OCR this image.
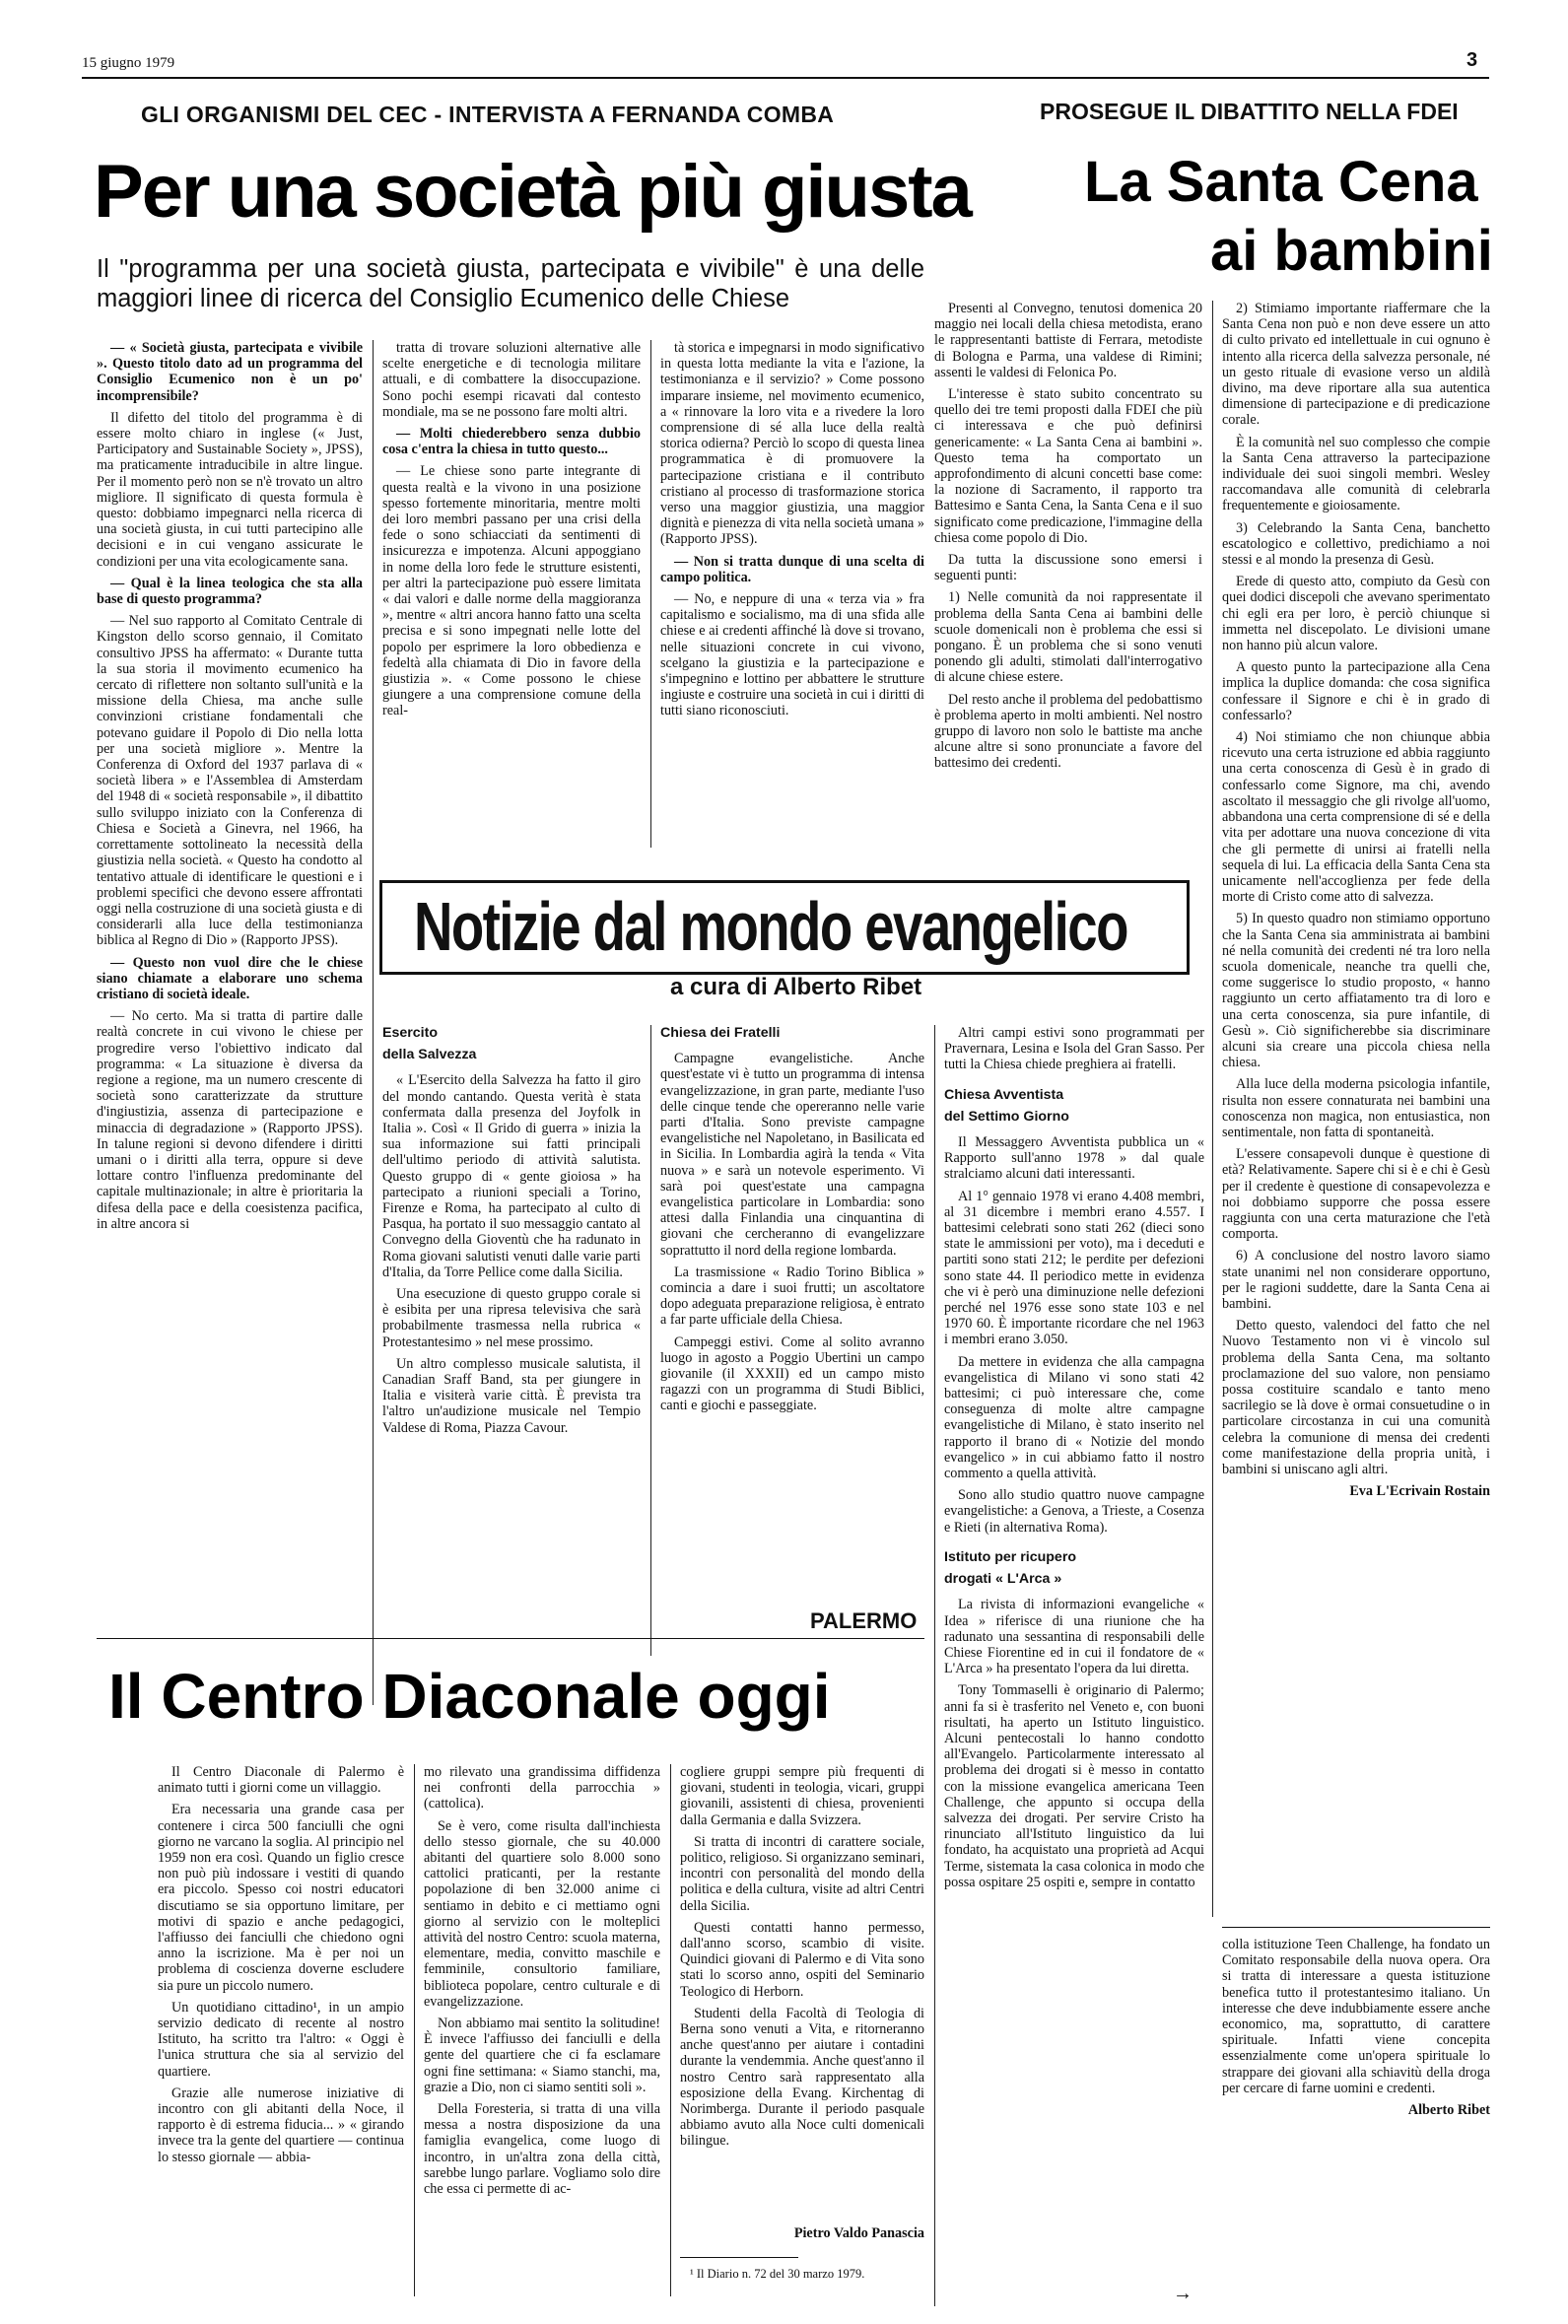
15 giugno 1979	3
GLI ORGANISMI DEL CEC - INTERVISTA A FERNANDA COMBA
Per una società più giusta
Il "programma per una società giusta, partecipata e vivibile" è una delle maggiori linee di ricerca del Consiglio Ecumenico delle Chiese
PROSEGUE IL DIBATTITO NELLA FDEI
La Santa Cena
ai bambini

— « Società giusta, partecipata e vivibile ». Questo titolo dato ad un programma del Consiglio Ecumenico non è un po' incomprensibile?

Il difetto del titolo del programma è di essere molto chiaro in inglese (« Just, Participatory and Sustainable Society », JPSS), ma praticamente intraducibile in altre lingue. Per il momento però non se n'è trovato un altro migliore. Il significato di questa formula è questo: dobbiamo impegnarci nella ricerca di una società giusta, in cui tutti partecipino alle decisioni e in cui vengano assicurate le condizioni per una vita ecologicamente sana.

— Qual è la linea teologica che sta alla base di questo programma?

— Nel suo rapporto al Comitato Centrale di Kingston dello scorso gennaio, il Comitato consultivo JPSS ha affermato: « Durante tutta la sua storia il movimento ecumenico ha cercato di riflettere non soltanto sull'unità e la missione della Chiesa, ma anche sulle convinzioni cristiane fondamentali che potevano guidare il Popolo di Dio nella lotta per una società migliore ». Mentre la Conferenza di Oxford del 1937 parlava di « società libera » e l'Assemblea di Amsterdam del 1948 di « società responsabile », il dibattito sullo sviluppo iniziato con la Conferenza di Chiesa e Società a Ginevra, nel 1966, ha correttamente sottolineato la necessità della giustizia nella società. « Questo ha condotto al tentativo attuale di identificare le questioni e i problemi specifici che devono essere affrontati oggi nella costruzione di una società giusta e di considerarli alla luce della testimonianza biblica al Regno di Dio » (Rapporto JPSS).

— Questo non vuol dire che le chiese siano chiamate a elaborare uno schema cristiano di società ideale.

— No certo. Ma si tratta di partire dalle realtà concrete in cui vivono le chiese per progredire verso l'obiettivo indicato dal programma: « La situazione è diversa da regione a regione, ma un numero crescente di società sono caratterizzate da strutture d'ingiustizia, assenza di partecipazione e minaccia di degradazione » (Rapporto JPSS). In talune regioni si devono difendere i diritti umani o i diritti alla terra, oppure si deve lottare contro l'influenza predominante del capitale multinazionale; in altre è prioritaria la difesa della pace e della coesistenza pacifica, in altre ancora si

tratta di trovare soluzioni alternative alle scelte energetiche e di tecnologia militare attuali, e di combattere la disoccupazione. Sono pochi esempi ricavati dal contesto mondiale, ma se ne possono fare molti altri.

— Molti chiederebbero senza dubbio cosa c'entra la chiesa in tutto questo...

— Le chiese sono parte integrante di questa realtà e la vivono in una posizione spesso fortemente minoritaria, mentre molti dei loro membri passano per una crisi della fede o sono schiacciati da sentimenti di insicurezza e impotenza. Alcuni appoggiano in nome della loro fede le strutture esistenti, per altri la partecipazione può essere limitata « dai valori e dalle norme della maggioranza », mentre « altri ancora hanno fatto una scelta precisa e si sono impegnati nelle lotte del popolo per esprimere la loro obbedienza e fedeltà alla chiamata di Dio in favore della giustizia ». « Come possono le chiese giungere a una comprensione comune della real-

tà storica e impegnarsi in modo significativo in questa lotta mediante la vita e l'azione, la testimonianza e il servizio? » Come possono imparare insieme, nel movimento ecumenico, a « rinnovare la loro vita e a rivedere la loro comprensione di sé alla luce della realtà storica odierna? Perciò lo scopo di questa linea programmatica è di promuovere la partecipazione cristiana e il contributo cristiano al processo di trasformazione storica verso una maggior giustizia, una maggior dignità e pienezza di vita nella società umana » (Rapporto JPSS).

— Non si tratta dunque di una scelta di campo politica.

— No, e neppure di una « terza via » fra capitalismo e socialismo, ma di una sfida alle chiese e ai credenti affinché là dove si trovano, nelle situazioni concrete in cui vivono, scelgano la giustizia e la partecipazione e s'impegnino e lottino per abbattere le strutture ingiuste e costruire una società in cui i diritti di tutti siano riconosciuti.

Presenti al Convegno, tenutosi domenica 20 maggio nei locali della chiesa metodista, erano le rappresentanti battiste di Ferrara, metodiste di Bologna e Parma, una valdese di Rimini; assenti le valdesi di Felonica Po.

L'interesse è stato subito concentrato su quello dei tre temi proposti dalla FDEI che più ci interessava e che può definirsi genericamente: « La Santa Cena ai bambini ». Questo tema ha comportato un approfondimento di alcuni concetti base come: la nozione di Sacramento, il rapporto tra Battesimo e Santa Cena, la Santa Cena e il suo significato come predicazione, l'immagine della chiesa come popolo di Dio.

Da tutta la discussione sono emersi i seguenti punti:

1) Nelle comunità da noi rappresentate il problema della Santa Cena ai bambini delle scuole domenicali non è problema che essi si pongano. È un problema che si sono venuti ponendo gli adulti, stimolati dall'interrogativo di alcune chiese estere.

Del resto anche il problema del pedobattismo è problema aperto in molti ambienti. Nel nostro gruppo di lavoro non solo le battiste ma anche alcune altre si sono pronunciate a favore del battesimo dei credenti.

2) Stimiamo importante riaffermare che la Santa Cena non può e non deve essere un atto di culto privato ed intellettuale in cui ognuno è intento alla ricerca della salvezza personale, né un gesto rituale di evasione verso un aldilà divino, ma deve riportare alla sua autentica dimensione di partecipazione e di predicazione corale.

È la comunità nel suo complesso che compie la Santa Cena attraverso la partecipazione individuale dei suoi singoli membri. Wesley raccomandava alle comunità di celebrarla frequentemente e gioiosamente.

3) Celebrando la Santa Cena, banchetto escatologico e collettivo, predichiamo a noi stessi e al mondo la presenza di Gesù.

Erede di questo atto, compiuto da Gesù con quei dodici discepoli che avevano sperimentato chi egli era per loro, è perciò chiunque si immetta nel discepolato. Le divisioni umane non hanno più alcun valore.

A questo punto la partecipazione alla Cena implica la duplice domanda: che cosa significa confessare il Signore e chi è in grado di confessarlo?

4) Noi stimiamo che non chiunque abbia ricevuto una certa istruzione ed abbia raggiunto una certa conoscenza di Gesù è in grado di confessarlo come Signore, ma chi, avendo ascoltato il messaggio che gli rivolge all'uomo, abbandona una certa comprensione di sé e della vita per adottare una nuova concezione di vita che gli permette di unirsi ai fratelli nella sequela di lui. La efficacia della Santa Cena sta unicamente nell'accoglienza per fede della morte di Cristo come atto di salvezza.

5) In questo quadro non stimiamo opportuno che la Santa Cena sia amministrata ai bambini né nella comunità dei credenti né tra loro nella scuola domenicale, neanche tra quelli che, come suggerisce lo studio proposto, « hanno raggiunto un certo affiatamento tra di loro e una certa conoscenza, sia pure infantile, di Gesù ». Ciò significherebbe sia discriminare alcuni sia creare una piccola chiesa nella chiesa.

Alla luce della moderna psicologia infantile, risulta non essere connaturata nei bambini una conoscenza non magica, non entusiastica, non sentimentale, non fatta di spontaneità.

L'essere consapevoli dunque è questione di età? Relativamente. Sapere chi si è e chi è Gesù per il credente è questione di consapevolezza e noi dobbiamo supporre che possa essere raggiunta con una certa maturazione che l'età comporta.

6) A conclusione del nostro lavoro siamo state unanimi nel non considerare opportuno, per le ragioni suddette, dare la Santa Cena ai bambini.

Detto questo, valendoci del fatto che nel Nuovo Testamento non vi è vincolo sul problema della Santa Cena, ma soltanto proclamazione del suo valore, non pensiamo possa costituire scandalo e tanto meno sacrilegio se là dove è ormai consuetudine o in particolare circostanza in cui una comunità celebra la comunione di mensa dei credenti come manifestazione della propria unità, i bambini si uniscano agli altri.

Eva L'Ecrivain Rostain

Notizie dal mondo evangelico
a cura di Alberto Ribet

Esercito

della Salvezza

« L'Esercito della Salvezza ha fatto il giro del mondo cantando. Questa verità è stata confermata dalla presenza del Joyfolk in Italia ». Così « Il Grido di guerra » inizia la sua informazione sui fatti principali dell'ultimo periodo di attività salutista. Questo gruppo di « gente gioiosa » ha partecipato a riunioni speciali a Torino, Firenze e Roma, ha partecipato al culto di Pasqua, ha portato il suo messaggio cantato al Convegno della Gioventù che ha radunato in Roma giovani salutisti venuti dalle varie parti d'Italia, da Torre Pellice come dalla Sicilia.

Una esecuzione di questo gruppo corale si è esibita per una ripresa televisiva che sarà probabilmente trasmessa nella rubrica « Protestantesimo » nel mese prossimo.

Un altro complesso musicale salutista, il Canadian Sraff Band, sta per giungere in Italia e visiterà varie città. È prevista tra l'altro un'audizione musicale nel Tempio Valdese di Roma, Piazza Cavour.

Chiesa dei Fratelli

Campagne evangelistiche. Anche quest'estate vi è tutto un programma di intensa evangelizzazione, in gran parte, mediante l'uso delle cinque tende che opereranno nelle varie parti d'Italia. Sono previste campagne evangelistiche nel Napoletano, in Basilicata ed in Sicilia. In Lombardia agirà la tenda « Vita nuova » e sarà un notevole esperimento. Vi sarà poi quest'estate una campagna evangelistica particolare in Lombardia: sono attesi dalla Finlandia una cinquantina di giovani che cercheranno di evangelizzare soprattutto il nord della regione lombarda.

La trasmissione « Radio Torino Biblica » comincia a dare i suoi frutti; un ascoltatore dopo adeguata preparazione religiosa, è entrato a far parte ufficiale della Chiesa.

Campeggi estivi. Come al solito avranno luogo in agosto a Poggio Ubertini un campo giovanile (il XXXII) ed un campo misto ragazzi con un programma di Studi Biblici, canti e giochi e passeggiate.

Altri campi estivi sono programmati per Pravernara, Lesina e Isola del Gran Sasso. Per tutti la Chiesa chiede preghiera ai fratelli.

Chiesa Avventista

del Settimo Giorno

Il Messaggero Avventista pubblica un « Rapporto sull'anno 1978 » dal quale stralciamo alcuni dati interessanti.

Al 1° gennaio 1978 vi erano 4.408 membri, al 31 dicembre i membri erano 4.557. I battesimi celebrati sono stati 262 (dieci sono state le ammissioni per voto), ma i deceduti e partiti sono stati 212; le perdite per defezioni sono state 44. Il periodico mette in evidenza che vi è però una diminuzione nelle defezioni perché nel 1976 esse sono state 103 e nel 1970 60. È importante ricordare che nel 1963 i membri erano 3.050.

Da mettere in evidenza che alla campagna evangelistica di Milano vi sono stati 42 battesimi; ci può interessare che, come conseguenza di molte altre campagne evangelistiche di Milano, è stato inserito nel rapporto il brano di « Notizie del mondo evangelico » in cui abbiamo fatto il nostro commento a quella attività.

Sono allo studio quattro nuove campagne evangelistiche: a Genova, a Trieste, a Cosenza e Rieti (in alternativa Roma).

Istituto per ricupero

drogati « L'Arca »

La rivista di informazioni evangeliche « Idea » riferisce di una riunione che ha radunato una sessantina di responsabili delle Chiese Fiorentine ed in cui il fondatore de « L'Arca » ha presentato l'opera da lui diretta.

Tony Tommaselli è originario di Palermo; anni fa si è trasferito nel Veneto e, con buoni risultati, ha aperto un Istituto linguistico. Alcuni pentecostali lo hanno condotto all'Evangelo. Particolarmente interessato al problema dei drogati si è messo in contatto con la missione evangelica americana Teen Challenge, che appunto si occupa della salvezza dei drogati. Per servire Cristo ha rinunciato all'Istituto linguistico da lui fondato, ha acquistato una proprietà ad Acqui Terme, sistemata la casa colonica in modo che possa ospitare 25 ospiti e, sempre in contatto

→

colla istituzione Teen Challenge, ha fondato un Comitato responsabile della nuova opera. Ora si tratta di interessare a questa istituzione benefica tutto il protestantesimo italiano. Un interesse che deve indubbiamente essere anche economico, ma, soprattutto, di carattere spirituale. Infatti viene concepita essenzialmente come un'opera spirituale lo strappare dei giovani alla schiavitù della droga per cercare di farne uomini e credenti.

Alberto Ribet

PALERMO
Il Centro Diaconale oggi

Il Centro Diaconale di Palermo è animato tutti i giorni come un villaggio.

Era necessaria una grande casa per contenere i circa 500 fanciulli che ogni giorno ne varcano la soglia. Al principio nel 1959 non era così. Quando un figlio cresce non può più indossare i vestiti di quando era piccolo. Spesso coi nostri educatori discutiamo se sia opportuno limitare, per motivi di spazio e anche pedagogici, l'affiusso dei fanciulli che chiedono ogni anno la iscrizione. Ma è per noi un problema di coscienza doverne escludere sia pure un piccolo numero.

Un quotidiano cittadino¹, in un ampio servizio dedicato di recente al nostro Istituto, ha scritto tra l'altro: « Oggi è l'unica struttura che sia al servizio del quartiere.

Grazie alle numerose iniziative di incontro con gli abitanti della Noce, il rapporto è di estrema fiducia... » « girando invece tra la gente del quartiere — continua lo stesso giornale — abbia-

mo rilevato una grandissima diffidenza nei confronti della parrocchia » (cattolica).

Se è vero, come risulta dall'inchiesta dello stesso giornale, che su 40.000 abitanti del quartiere solo 8.000 sono cattolici praticanti, per la restante popolazione di ben 32.000 anime ci sentiamo in debito e ci mettiamo ogni giorno al servizio con le molteplici attività del nostro Centro: scuola materna, elementare, media, convitto maschile e femminile, consultorio familiare, biblioteca popolare, centro culturale e di evangelizzazione.

Non abbiamo mai sentito la solitudine! È invece l'affiusso dei fanciulli e della gente del quartiere che ci fa esclamare ogni fine settimana: « Siamo stanchi, ma, grazie a Dio, non ci siamo sentiti soli ».

Della Foresteria, si tratta di una villa messa a nostra disposizione da una famiglia evangelica, come luogo di incontro, in un'altra zona della città, sarebbe lungo parlare. Vogliamo solo dire che essa ci permette di ac-

cogliere gruppi sempre più frequenti di giovani, studenti in teologia, vicari, gruppi giovanili, assistenti di chiesa, provenienti dalla Germania e dalla Svizzera.

Si tratta di incontri di carattere sociale, politico, religioso. Si organizzano seminari, incontri con personalità del mondo della politica e della cultura, visite ad altri Centri della Sicilia.

Questi contatti hanno permesso, dall'anno scorso, scambio di visite. Quindici giovani di Palermo e di Vita sono stati lo scorso anno, ospiti del Seminario Teologico di Herborn.

Studenti della Facoltà di Teologia di Berna sono venuti a Vita, e ritorneranno anche quest'anno per aiutare i contadini durante la vendemmia. Anche quest'anno il nostro Centro sarà rappresentato alla esposizione della Evang. Kirchentag di Norimberga. Durante il periodo pasquale abbiamo avuto alla Noce culti domenicali bilingue.

Pietro Valdo Panascia
¹ Il Diario n. 72 del 30 marzo 1979.
